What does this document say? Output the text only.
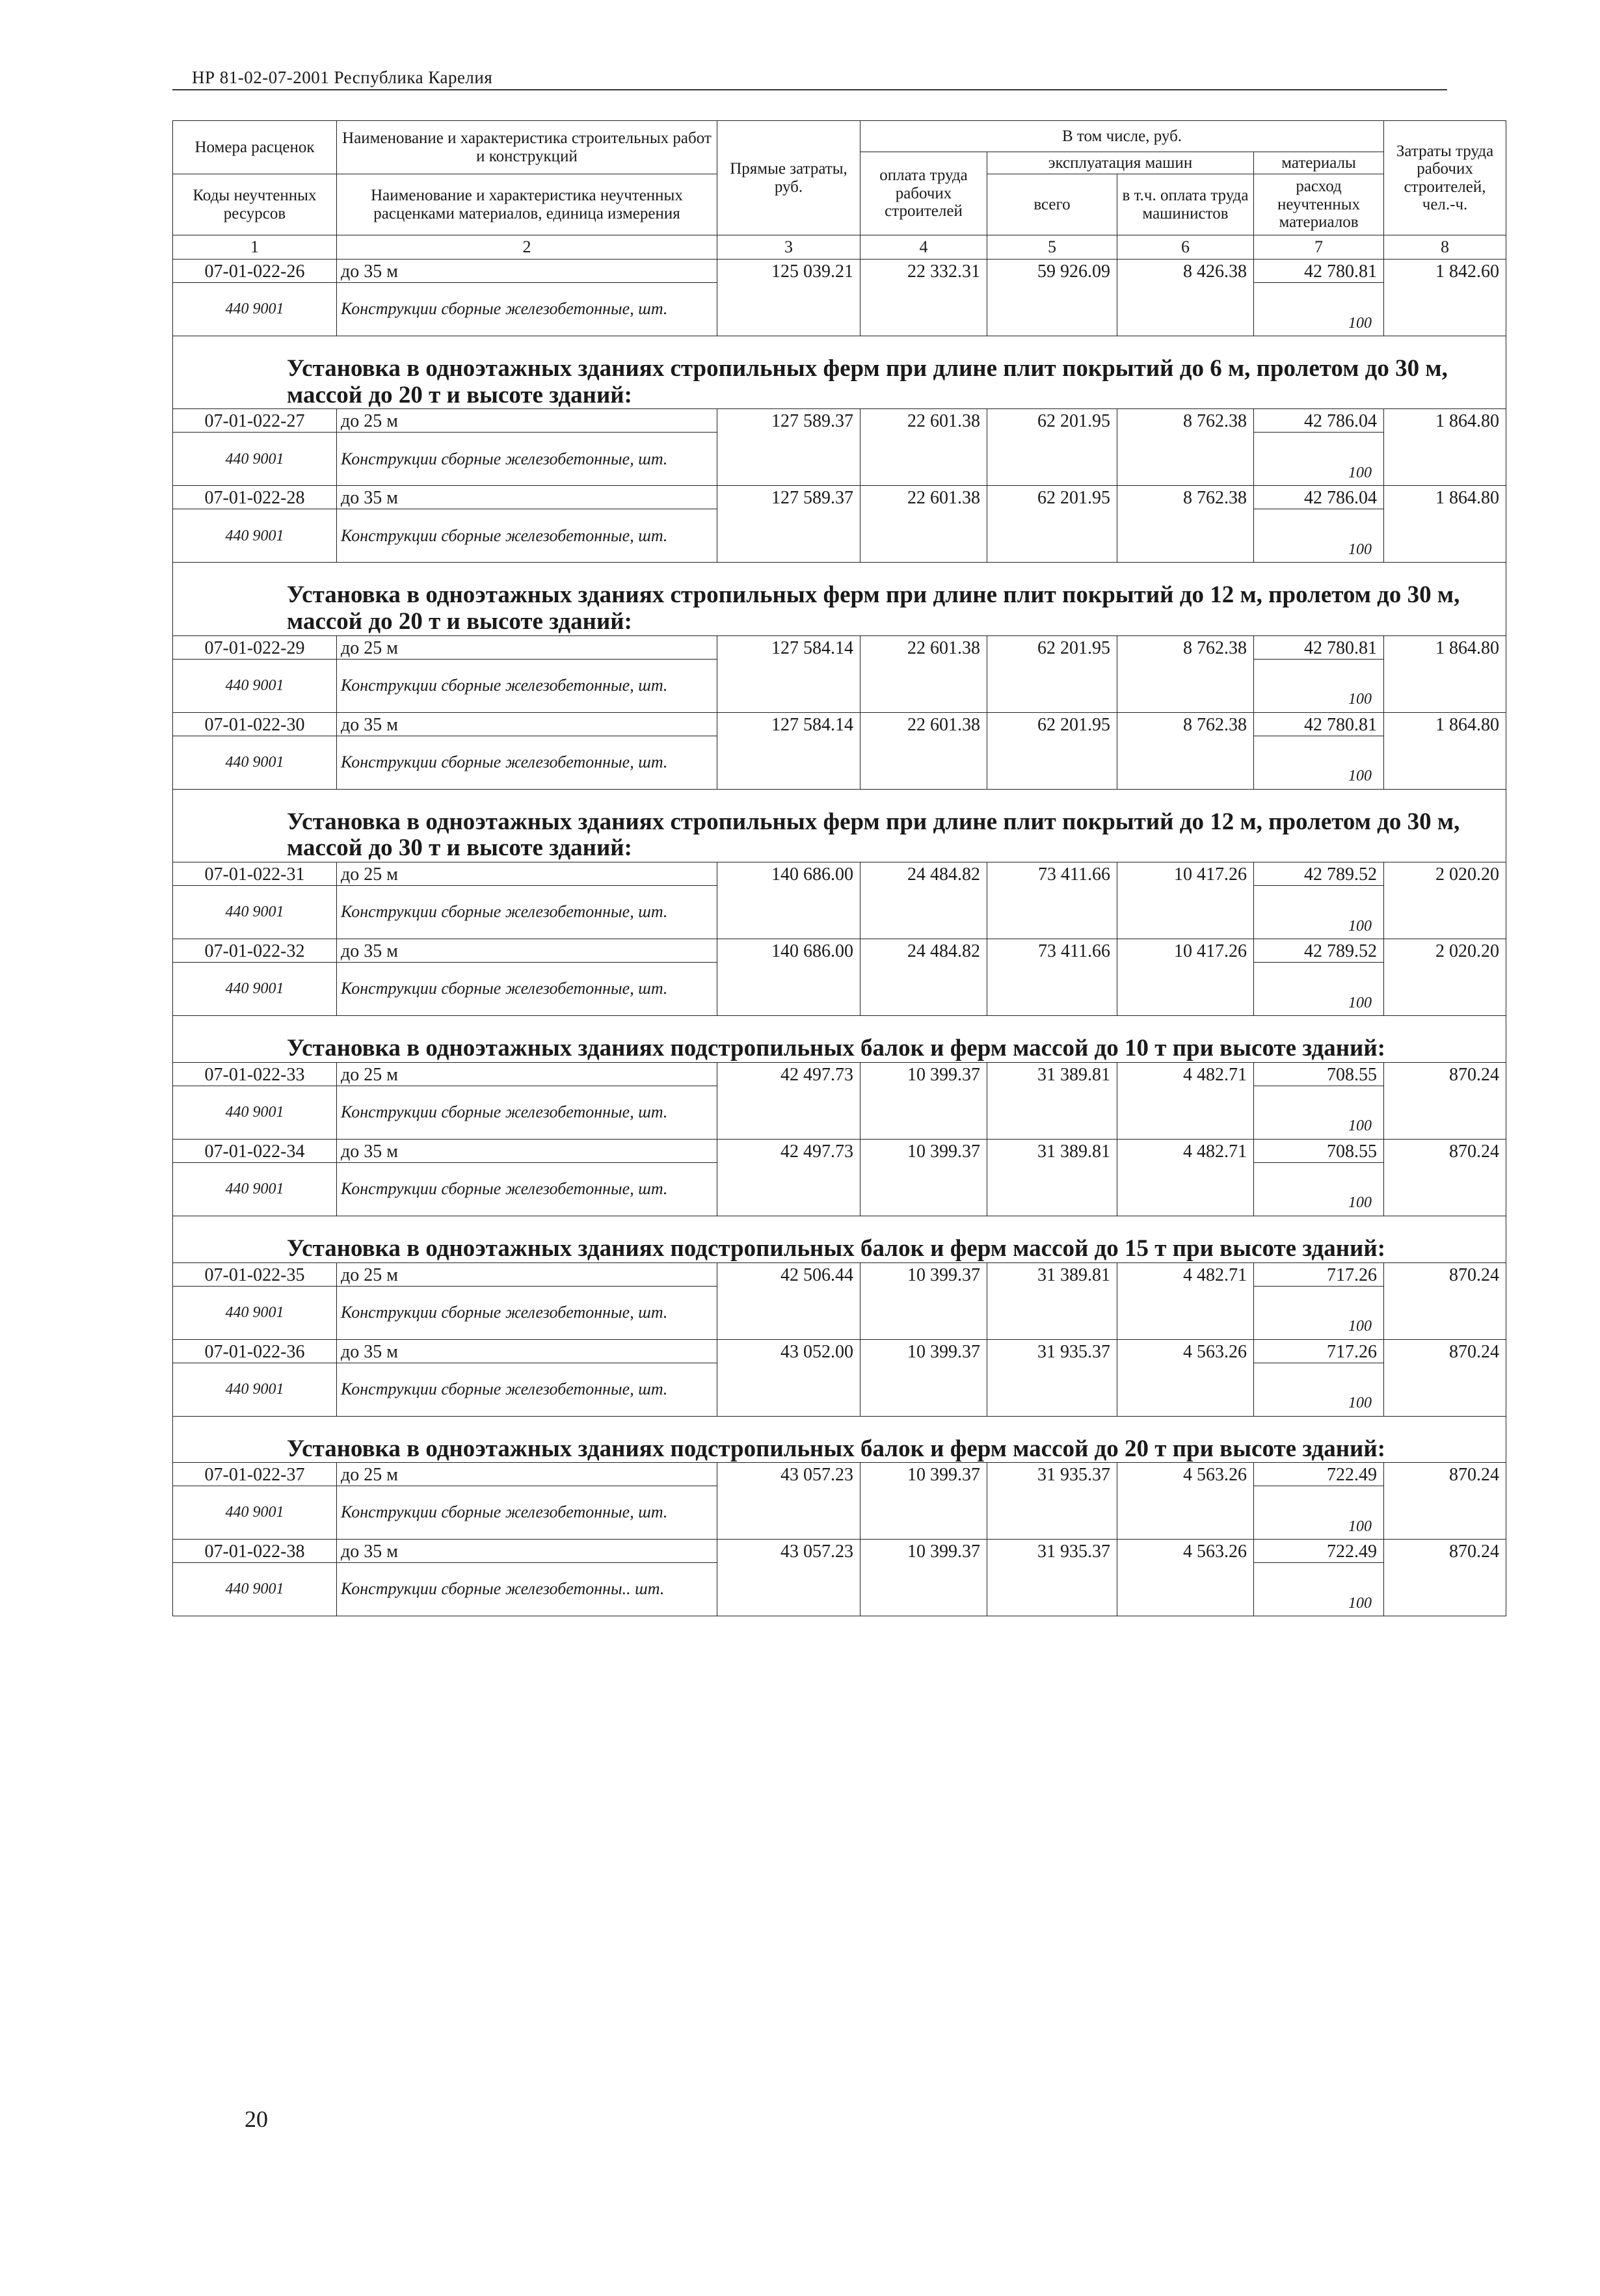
НР 81-02-07-2001 Республика Карелия
Номера расценок	Наименование и характеристика строительных работ и конструкций	Прямые затраты, руб.	В том числе, руб.				Затраты труда рабочих строителей, чел.-ч.
			оплата труда рабочих строителей	эксплуатация машин		материалы	
Коды неучтенных ресурсов	Наименование и характеристика неучтенных расценками материалов, единица измерения			всего	в т.ч. оплата труда машинистов	расход неучтенных материалов	

1	2	3	4	5	6	7	8
07-01-022-26	до 35 м	125 039.21	22 332.31	59 926.09	8 426.38	42 780.81	1 842.60
440 9001	Конструкции сборные железобетонные, шт.					100	
Установка в одноэтажных зданиях стропильных ферм при длине плит покрытий до 6 м, пролетом до 30 м, массой до 20 т и высоте зданий:							
07-01-022-27	до 25 м	127 589.37	22 601.38	62 201.95	8 762.38	42 786.04	1 864.80
440 9001	Конструкции сборные железобетонные, шт.					100	
07-01-022-28	до 35 м	127 589.37	22 601.38	62 201.95	8 762.38	42 786.04	1 864.80
440 9001	Конструкции сборные железобетонные, шт.					100	
Установка в одноэтажных зданиях стропильных ферм при длине плит покрытий до 12 м, пролетом до 30 м, массой до 20 т и высоте зданий:							
07-01-022-29	до 25 м	127 584.14	22 601.38	62 201.95	8 762.38	42 780.81	1 864.80
440 9001	Конструкции сборные железобетонные, шт.					100	
07-01-022-30	до 35 м	127 584.14	22 601.38	62 201.95	8 762.38	42 780.81	1 864.80
440 9001	Конструкции сборные железобетонные, шт.					100	
Установка в одноэтажных зданиях стропильных ферм при длине плит покрытий до 12 м, пролетом до 30 м, массой до 30 т и высоте зданий:							
07-01-022-31	до 25 м	140 686.00	24 484.82	73 411.66	10 417.26	42 789.52	2 020.20
440 9001	Конструкции сборные железобетонные, шт.					100	
07-01-022-32	до 35 м	140 686.00	24 484.82	73 411.66	10 417.26	42 789.52	2 020.20
440 9001	Конструкции сборные железобетонные, шт.					100	
Установка в одноэтажных зданиях подстропильных балок и ферм массой до 10 т при высоте зданий:							
07-01-022-33	до 25 м	42 497.73	10 399.37	31 389.81	4 482.71	708.55	870.24
440 9001	Конструкции сборные железобетонные, шт.					100	
07-01-022-34	до 35 м	42 497.73	10 399.37	31 389.81	4 482.71	708.55	870.24
440 9001	Конструкции сборные железобетонные, шт.					100	
Установка в одноэтажных зданиях подстропильных балок и ферм массой до 15 т при высоте зданий:							
07-01-022-35	до 25 м	42 506.44	10 399.37	31 389.81	4 482.71	717.26	870.24
440 9001	Конструкции сборные железобетонные, шт.					100	
07-01-022-36	до 35 м	43 052.00	10 399.37	31 935.37	4 563.26	717.26	870.24
440 9001	Конструкции сборные железобетонные, шт.					100	
Установка в одноэтажных зданиях подстропильных балок и ферм массой до 20 т при высоте зданий:							
07-01-022-37	до 25 м	43 057.23	10 399.37	31 935.37	4 563.26	722.49	870.24
440 9001	Конструкции сборные железобетонные, шт.					100	
07-01-022-38	до 35 м	43 057.23	10 399.37	31 935.37	4 563.26	722.49	870.24
440 9001	Конструкции сборные железобетонны.. шт.					100	
20
